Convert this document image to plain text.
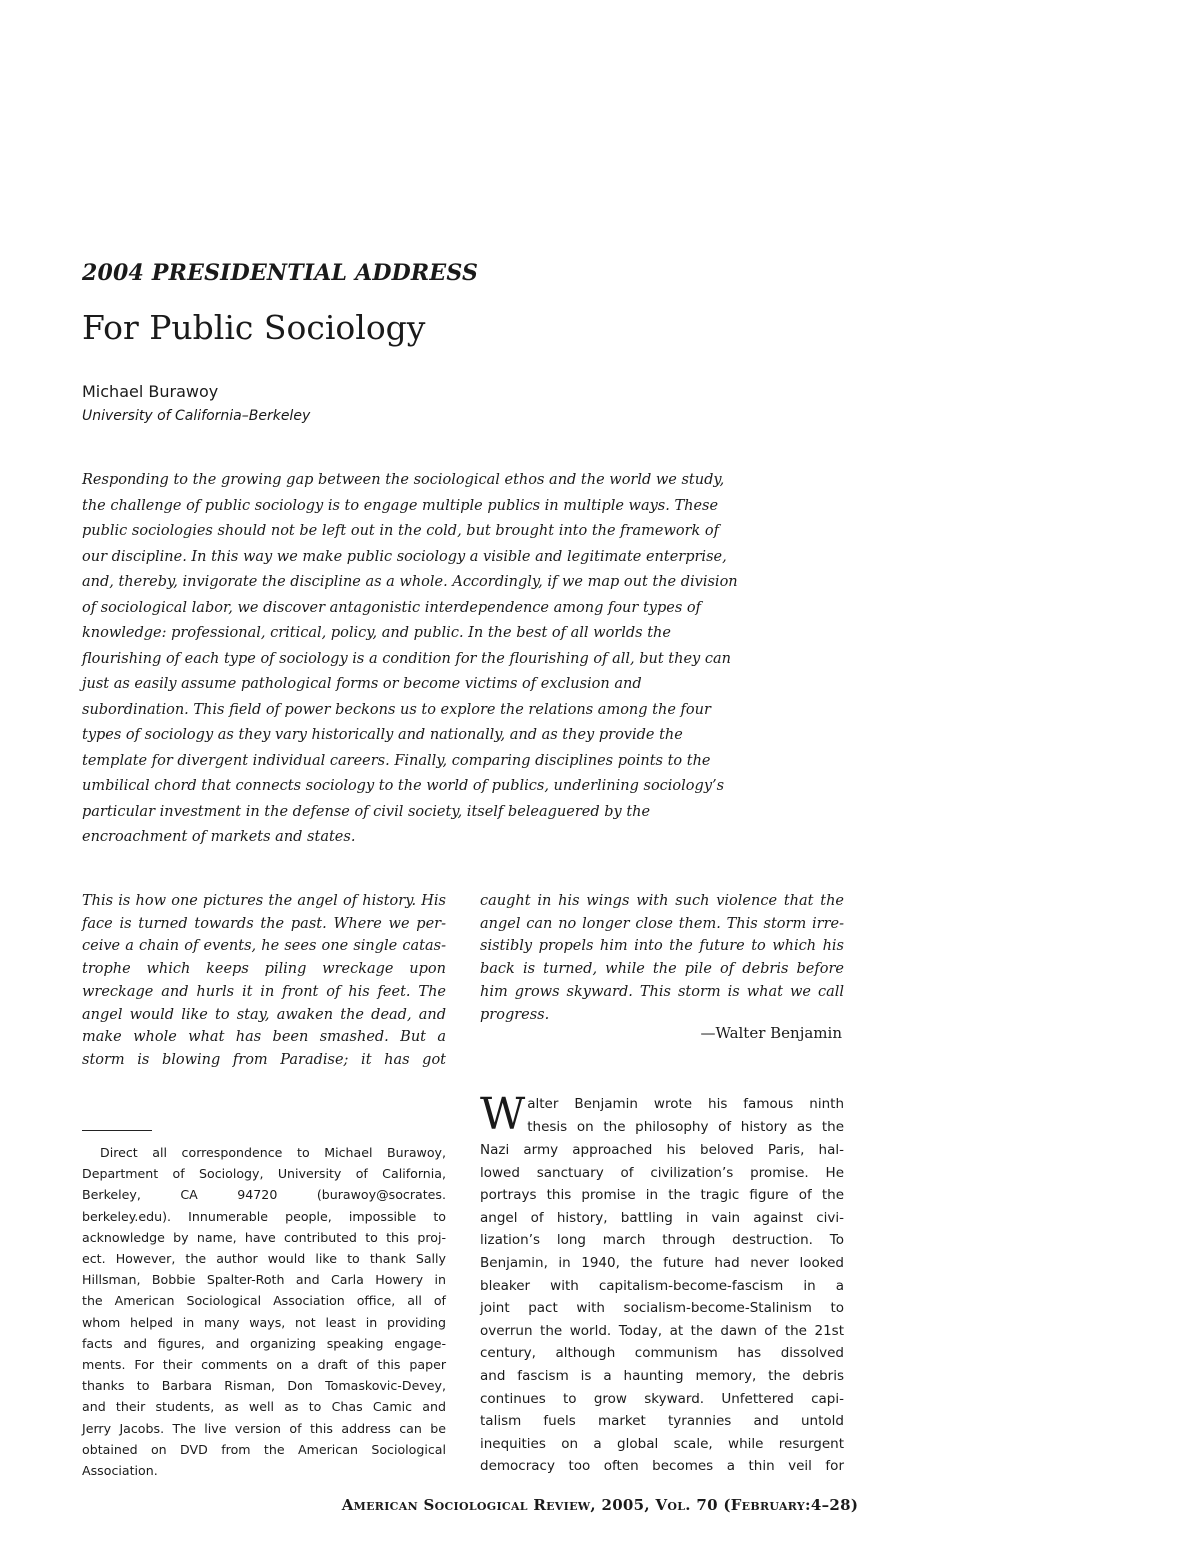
2004 PRESIDENTIAL ADDRESS
For Public Sociology
Michael Burawoy
University of California–Berkeley
Responding to the growing gap between the sociological ethos and the world we study,
the challenge of public sociology is to engage multiple publics in multiple ways. These
public sociologies should not be left out in the cold, but brought into the framework of
our discipline. In this way we make public sociology a visible and legitimate enterprise,
and, thereby, invigorate the discipline as a whole. Accordingly, if we map out the division
of sociological labor, we discover antagonistic interdependence among four types of
knowledge: professional, critical, policy, and public. In the best of all worlds the
flourishing of each type of sociology is a condition for the flourishing of all, but they can
just as easily assume pathological forms or become victims of exclusion and
subordination. This field of power beckons us to explore the relations among the four
types of sociology as they vary historically and nationally, and as they provide the
template for divergent individual careers. Finally, comparing disciplines points to the
umbilical chord that connects sociology to the world of publics, underlining sociology’s
particular investment in the defense of civil society, itself beleaguered by the
encroachment of markets and states.
This is how one pictures the angel of history. His
face is turned towards the past. Where we per-
ceive a chain of events, he sees one single catas-
trophe which keeps piling wreckage upon
wreckage and hurls it in front of his feet. The
angel would like to stay, awaken the dead, and
make whole what has been smashed. But a
storm is blowing from Paradise; it has got
caught in his wings with such violence that the
angel can no longer close them. This storm irre-
sistibly propels him into the future to which his
back is turned, while the pile of debris before
him grows skyward. This storm is what we call
progress.
—Walter Benjamin
Direct all correspondence to Michael Burawoy,
Department of Sociology, University of California,
Berkeley, CA 94720 (burawoy@socrates.
berkeley.edu). Innumerable people, impossible to
acknowledge by name, have contributed to this proj-
ect. However, the author would like to thank Sally
Hillsman, Bobbie Spalter-Roth and Carla Howery in
the American Sociological Association office, all of
whom helped in many ways, not least in providing
facts and figures, and organizing speaking engage-
ments. For their comments on a draft of this paper
thanks to Barbara Risman, Don Tomaskovic-Devey,
and their students, as well as to Chas Camic and
Jerry Jacobs. The live version of this address can be
obtained on DVD from the American Sociological
Association.
W alter Benjamin wrote his famous ninth
thesis on the philosophy of history as the
Nazi army approached his beloved Paris, hal-
lowed sanctuary of civilization’s promise. He
portrays this promise in the tragic figure of the
angel of history, battling in vain against civi-
lization’s long march through destruction. To
Benjamin, in 1940, the future had never looked
bleaker with capitalism-become-fascism in a
joint pact with socialism-become-Stalinism to
overrun the world. Today, at the dawn of the 21st
century, although communism has dissolved
and fascism is a haunting memory, the debris
continues to grow skyward. Unfettered capi-
talism fuels market tyrannies and untold
inequities on a global scale, while resurgent
democracy too often becomes a thin veil for
American Sociological Review, 2005, Vol. 70 (February:4–28)
